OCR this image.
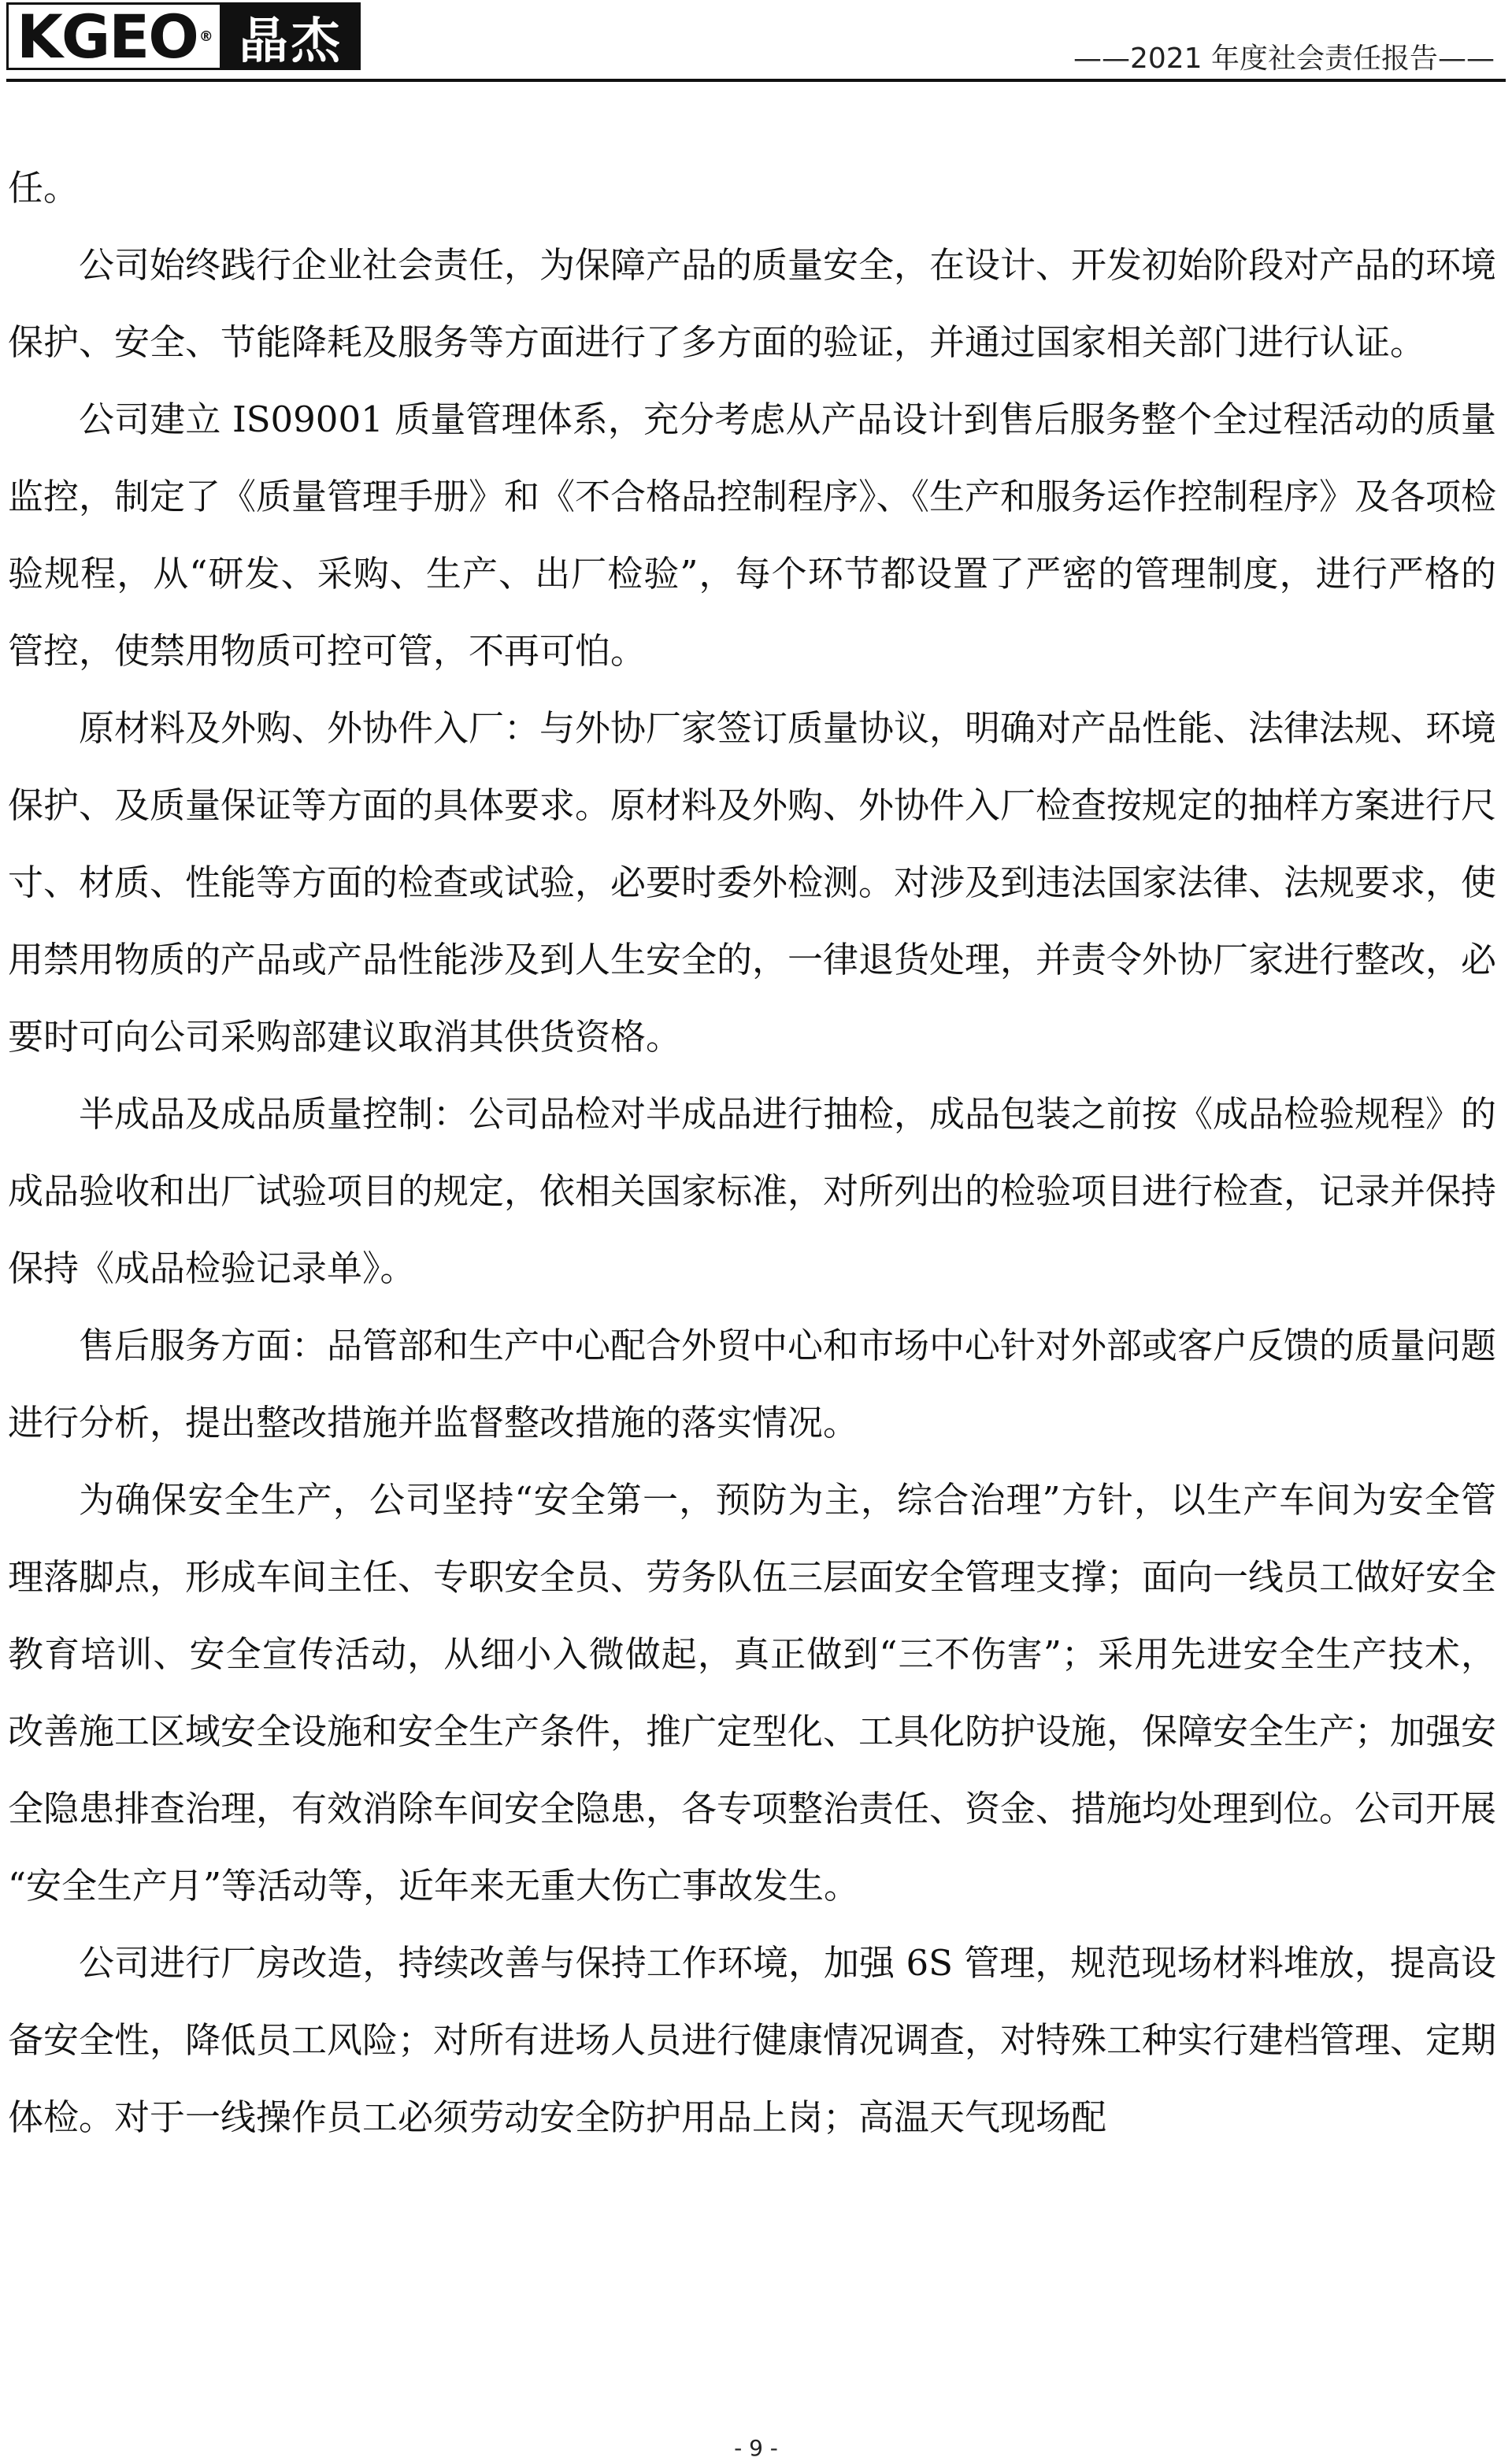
KGEO ® 晶杰	——2021 年度社会责任报告——

任。

公司始终践行企业社会责任，为保障产品的质量安全，在设计、开发初始阶段对产品的环境保护、安全、节能降耗及服务等方面进行了多方面的验证，并通过国家相关部门进行认证。

公司建立 IS09001 质量管理体系，充分考虑从产品设计到售后服务整个全过程活动的质量监控，制定了《质量管理手册》和《不合格品控制程序》、《生产和服务运作控制程序》及各项检验规程，从“研发、采购、生产、出厂检验”，每个环节都设置了严密的管理制度，进行严格的管控，使禁用物质可控可管，不再可怕。

原材料及外购、外协件入厂：与外协厂家签订质量协议，明确对产品性能、法律法规、环境保护、及质量保证等方面的具体要求。原材料及外购、外协件入厂检查按规定的抽样方案进行尺寸、材质、性能等方面的检查或试验，必要时委外检测。对涉及到违法国家法律、法规要求，使用禁用物质的产品或产品性能涉及到人生安全的，一律退货处理，并责令外协厂家进行整改，必要时可向公司采购部建议取消其供货资格。

半成品及成品质量控制：公司品检对半成品进行抽检，成品包装之前按《成品检验规程》的成品验收和出厂试验项目的规定，依相关国家标准，对所列出的检验项目进行检查，记录并保持保持《成品检验记录单》。

售后服务方面：品管部和生产中心配合外贸中心和市场中心针对外部或客户反馈的质量问题进行分析，提出整改措施并监督整改措施的落实情况。

为确保安全生产，公司坚持“安全第一，预防为主，综合治理”方针，以生产车间为安全管理落脚点，形成车间主任、专职安全员、劳务队伍三层面安全管理支撑；面向一线员工做好安全教育培训、安全宣传活动，从细小入微做起，真正做到“三不伤害”；采用先进安全生产技术，改善施工区域安全设施和安全生产条件，推广定型化、工具化防护设施，保障安全生产；加强安全隐患排查治理，有效消除车间安全隐患，各专项整治责任、资金、措施均处理到位。公司开展 “安全生产月”等活动等，近年来无重大伤亡事故发生。

公司进行厂房改造，持续改善与保持工作环境，加强 6S 管理，规范现场材料堆放，提高设备安全性，降低员工风险；对所有进场人员进行健康情况调查，对特殊工种实行建档管理、定期体检。对于一线操作员工必须劳动安全防护用品上岗；高温天气现场配

- 9 -
